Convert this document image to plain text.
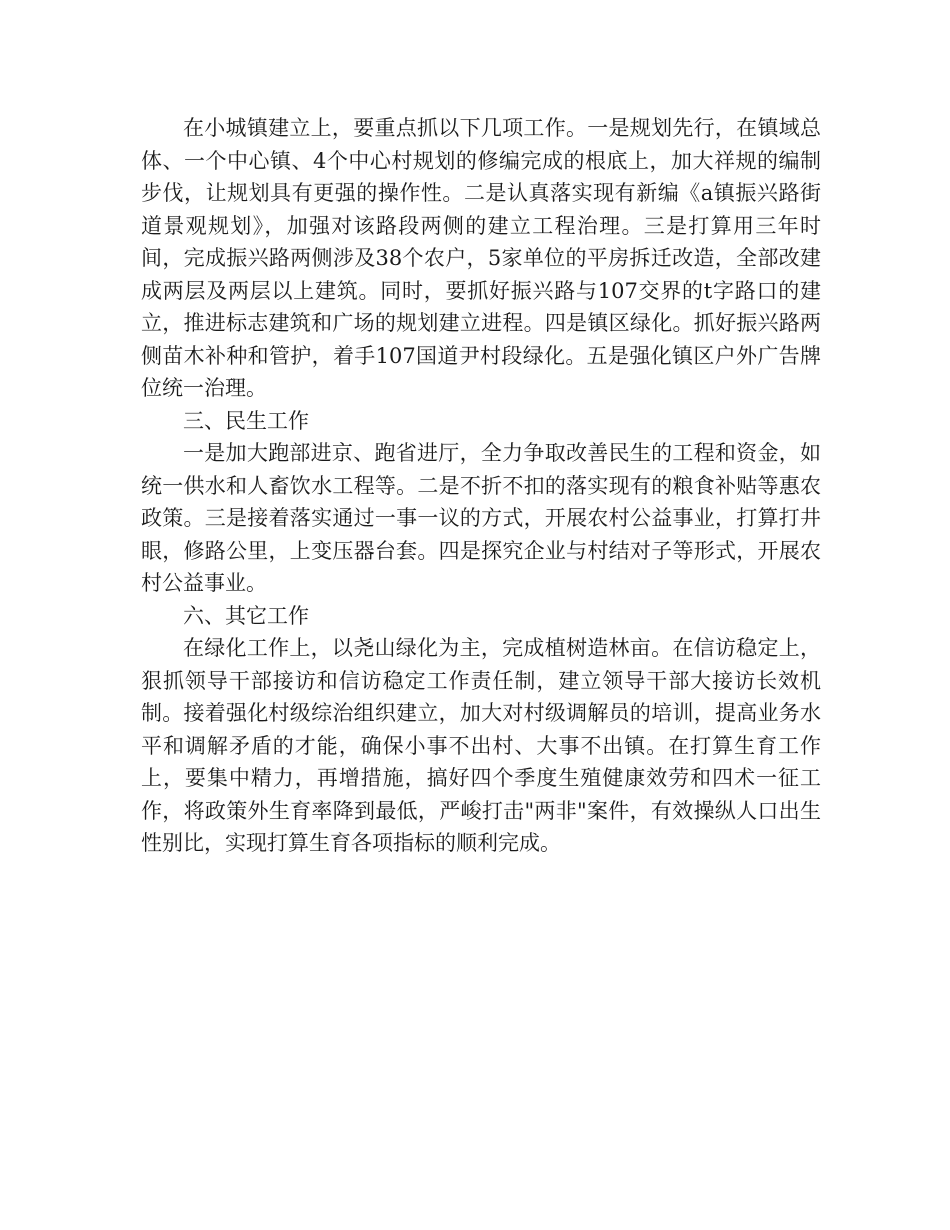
在小城镇建立上，要重点抓以下几项工作。一是规划先行，在镇域总体、一个中心镇、4个中心村规划的修编完成的根底上，加大祥规的编制步伐，让规划具有更强的操作性。二是认真落实现有新编《a镇振兴路街道景观规划》，加强对该路段两侧的建立工程治理。三是打算用三年时间，完成振兴路两侧涉及38个农户，5家单位的平房拆迁改造，全部改建成两层及两层以上建筑。同时，要抓好振兴路与107交界的t字路口的建立，推进标志建筑和广场的规划建立进程。四是镇区绿化。抓好振兴路两侧苗木补种和管护，着手107国道尹村段绿化。五是强化镇区户外广告牌位统一治理。

三、民生工作

一是加大跑部进京、跑省进厅，全力争取改善民生的工程和资金，如统一供水和人畜饮水工程等。二是不折不扣的落实现有的粮食补贴等惠农政策。三是接着落实通过一事一议的方式，开展农村公益事业，打算打井眼，修路公里，上变压器台套。四是探究企业与村结对子等形式，开展农村公益事业。

六、其它工作

在绿化工作上，以尧山绿化为主，完成植树造林亩。在信访稳定上，狠抓领导干部接访和信访稳定工作责任制，建立领导干部大接访长效机制。接着强化村级综治组织建立，加大对村级调解员的培训，提高业务水平和调解矛盾的才能，确保小事不出村、大事不出镇。在打算生育工作上，要集中精力，再增措施，搞好四个季度生殖健康效劳和四术一征工作，将政策外生育率降到最低，严峻打击"两非"案件，有效操纵人口出生性别比，实现打算生育各项指标的顺利完成。
